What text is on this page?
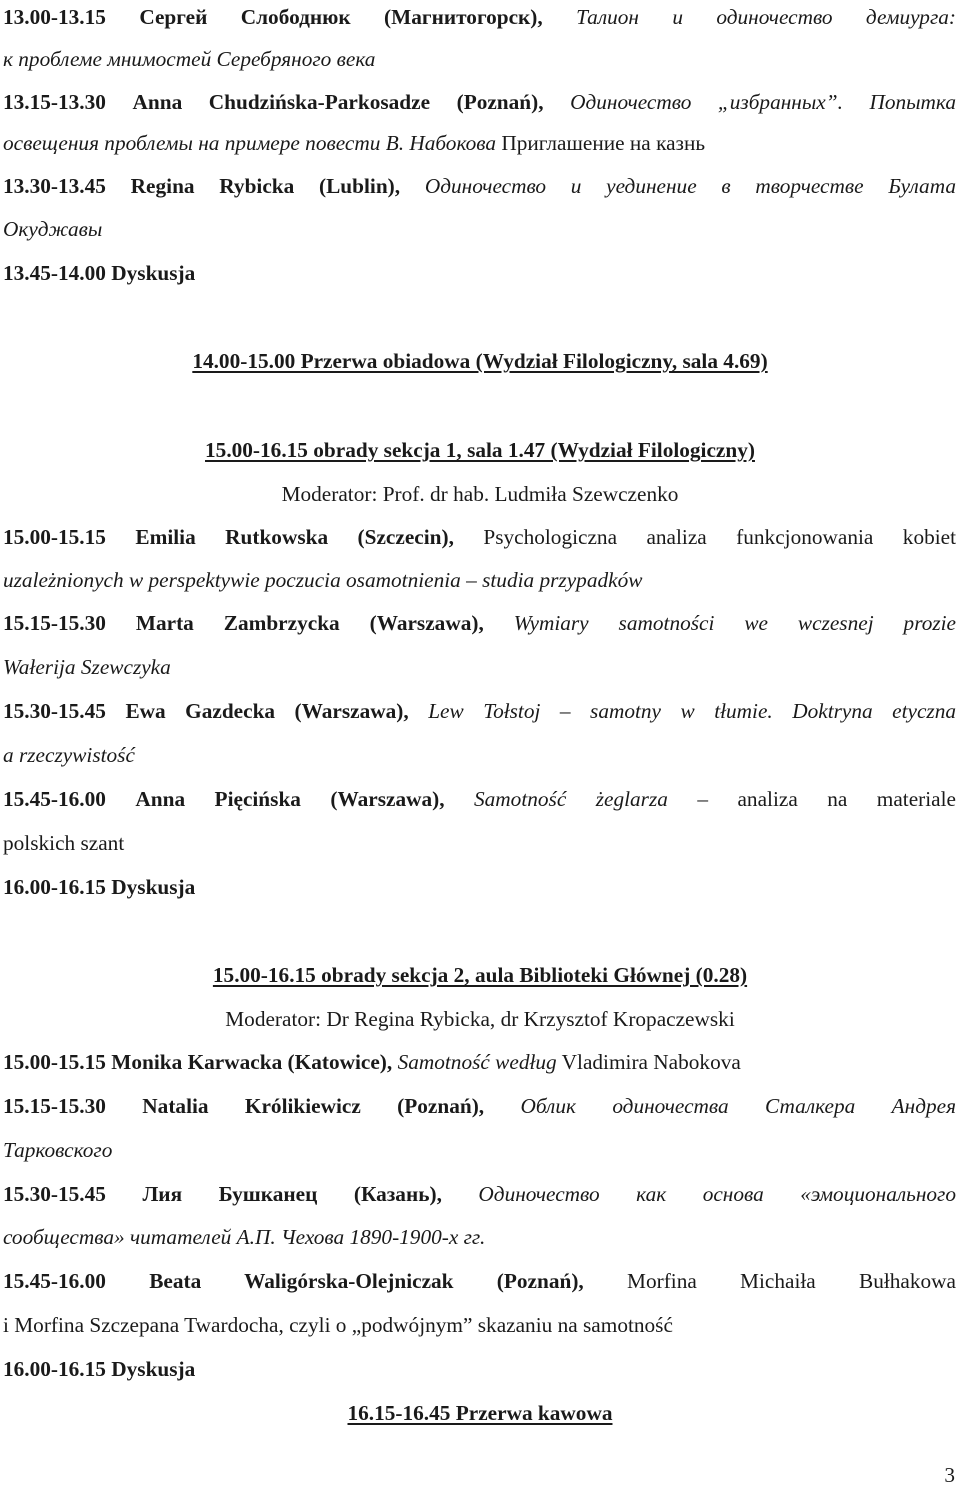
13.00-13.15 Сергей Слободнюк (Магнитогорск), Талион и одиночество демиурга:
к проблеме мнимостей Серебряного века
13.15-13.30 Anna Chudzińska-Parkosadze (Poznań), Одиночество „избранных”. Попытка
освещения проблемы на примере повести В. Набокова Приглашение на казнь
13.30-13.45 Regina Rybicka (Lublin), Одиночество и уединение в творчестве Булата
Окуджавы
13.45-14.00 Dyskusja
14.00-15.00 Przerwa obiadowa (Wydział Filologiczny, sala 4.69)
15.00-16.15 obrady sekcja 1, sala 1.47 (Wydział Filologiczny)
Moderator: Prof. dr hab. Ludmiła Szewczenko
15.00-15.15 Emilia Rutkowska (Szczecin), Psychologiczna analiza funkcjonowania kobiet
uzależnionych w perspektywie poczucia osamotnienia – studia przypadków
15.15-15.30 Marta Zambrzycka (Warszawa), Wymiary samotności we wczesnej prozie
Wałerija Szewczyka
15.30-15.45 Ewa Gazdecka (Warszawa), Lew Tołstoj – samotny w tłumie. Doktryna etyczna
a rzeczywistość
15.45-16.00 Anna Pięcińska (Warszawa), Samotność żeglarza – analiza na materiale
polskich szant
16.00-16.15 Dyskusja
15.00-16.15 obrady sekcja 2, aula Biblioteki Głównej (0.28)
Moderator: Dr Regina Rybicka, dr Krzysztof Kropaczewski
15.00-15.15 Monika Karwacka (Katowice), Samotność według Vladimira Nabokova
15.15-15.30 Natalia Królikiewicz (Poznań), Облик одиночества Сталкера Андрея
Тарковского
15.30-15.45 Лия Бушканец (Казань), Одиночество как основа «эмоционального
сообщества» читателей А.П. Чехова 1890-1900-х гг.
15.45-16.00 Beata Waligórska-Olejniczak (Poznań), Morfina Michaiła Bułhakowa
i Morfina Szczepana Twardocha, czyli o „podwójnym” skazaniu na samotność
16.00-16.15 Dyskusja
16.15-16.45 Przerwa kawowa
3
